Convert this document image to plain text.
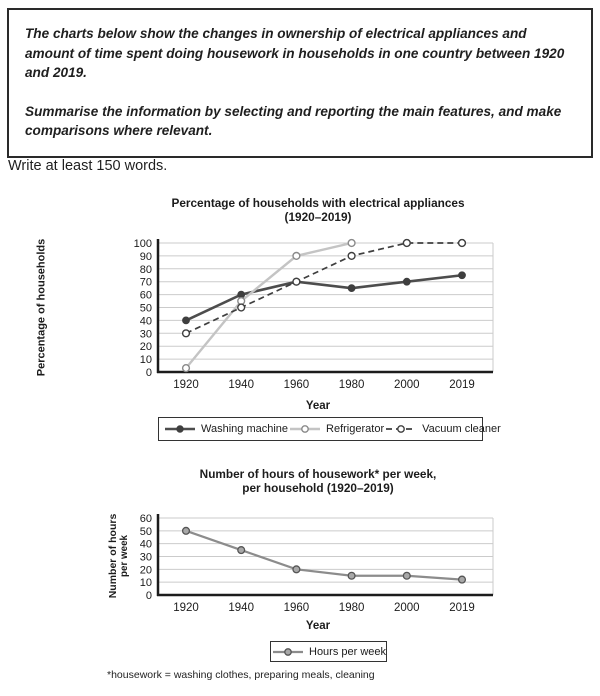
The charts below show the changes in ownership of electrical appliances and amount of time spent doing housework in households in one country between 1920 and 2019.

Summarise the information by selecting and reporting the main features, and make comparisons where relevant.

Write at least 150 words.
Percentage of households with electrical appliances
(1920–2019)
Percentage of households	0
10
20
30
40
50
60
70
80
90
100
1920	1940	1960	1980	2000	2019
Year
Washing machine	Refrigerator	Vacuum cleaner
Number of hours of housework* per week,
per household (1920–2019)
Number of hours per week
0
10
20
30
40
50
60
1920	1940	1960	1980	2000	2019
Year
Hours per week
*housework = washing clothes, preparing meals, cleaning
